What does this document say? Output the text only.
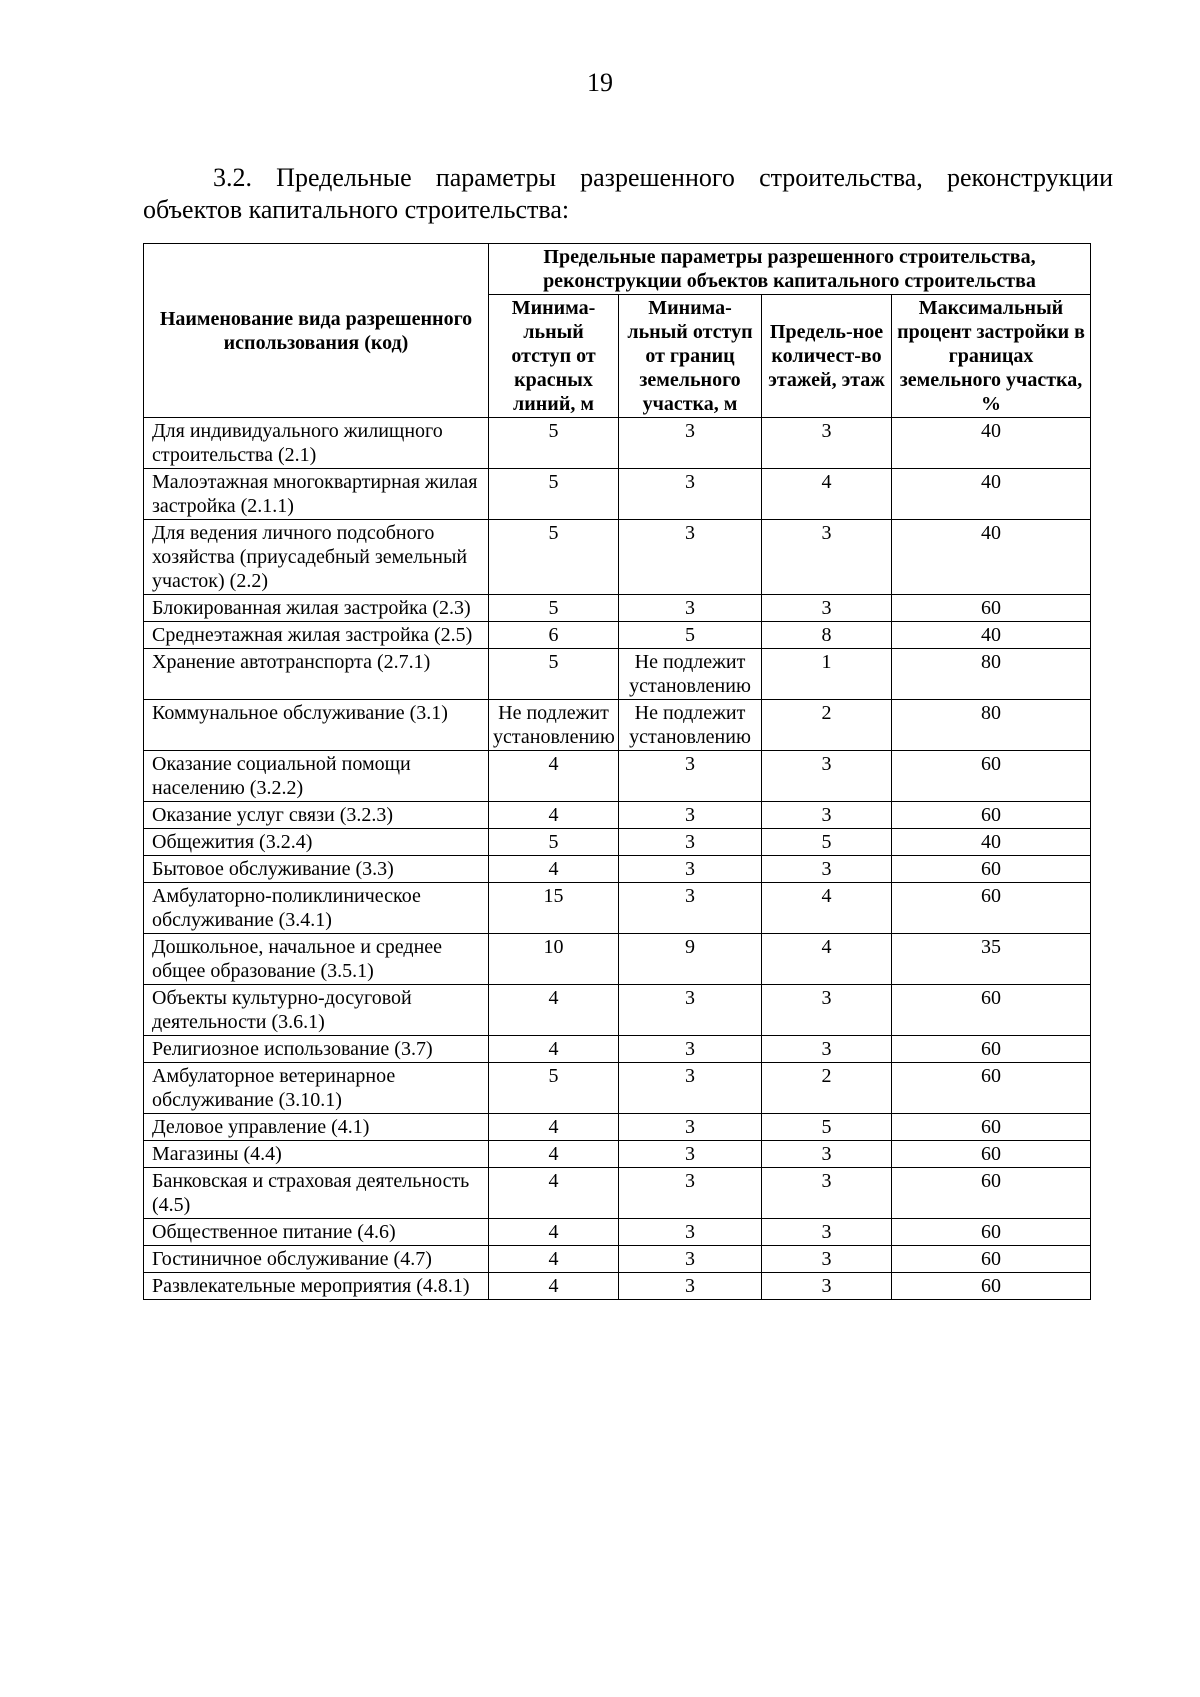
19

3.2. Предельные параметры разрешенного строительства, реконструкции объектов капитального строительства:

Наименование вида разрешенного использования (код)	Предельные параметры разрешенного строительства, реконструкции объектов капитального строительства			
	Минима-льный отступ от красных линий, м	Минима-льный отступ от границ земельного участка, м	Предель-ное количест-во этажей, этаж	Максимальный процент застройки в границах земельного участка, %
Для индивидуального жилищного строительства (2.1)	5	3	3	40
Малоэтажная многоквартирная жилая застройка (2.1.1)	5	3	4	40
Для ведения личного подсобного хозяйства (приусадебный земельный участок) (2.2)	5	3	3	40
Блокированная жилая застройка (2.3)	5	3	3	60
Среднеэтажная жилая застройка (2.5)	6	5	8	40
Хранение автотранспорта (2.7.1)	5	Не подлежит установлению	1	80
Коммунальное обслуживание (3.1)	Не подлежит установлению	Не подлежит установлению	2	80
Оказание социальной помощи населению (3.2.2)	4	3	3	60
Оказание услуг связи (3.2.3)	4	3	3	60
Общежития (3.2.4)	5	3	5	40
Бытовое обслуживание (3.3)	4	3	3	60
Амбулаторно-поликлиническое обслуживание (3.4.1)	15	3	4	60
Дошкольное, начальное и среднее общее образование (3.5.1)	10	9	4	35
Объекты культурно-досуговой деятельности (3.6.1)	4	3	3	60
Религиозное использование (3.7)	4	3	3	60
Амбулаторное ветеринарное обслуживание (3.10.1)	5	3	2	60
Деловое управление (4.1)	4	3	5	60
Магазины (4.4)	4	3	3	60
Банковская и страховая деятельность (4.5)	4	3	3	60
Общественное питание (4.6)	4	3	3	60
Гостиничное обслуживание (4.7)	4	3	3	60
Развлекательные мероприятия (4.8.1)	4	3	3	60
